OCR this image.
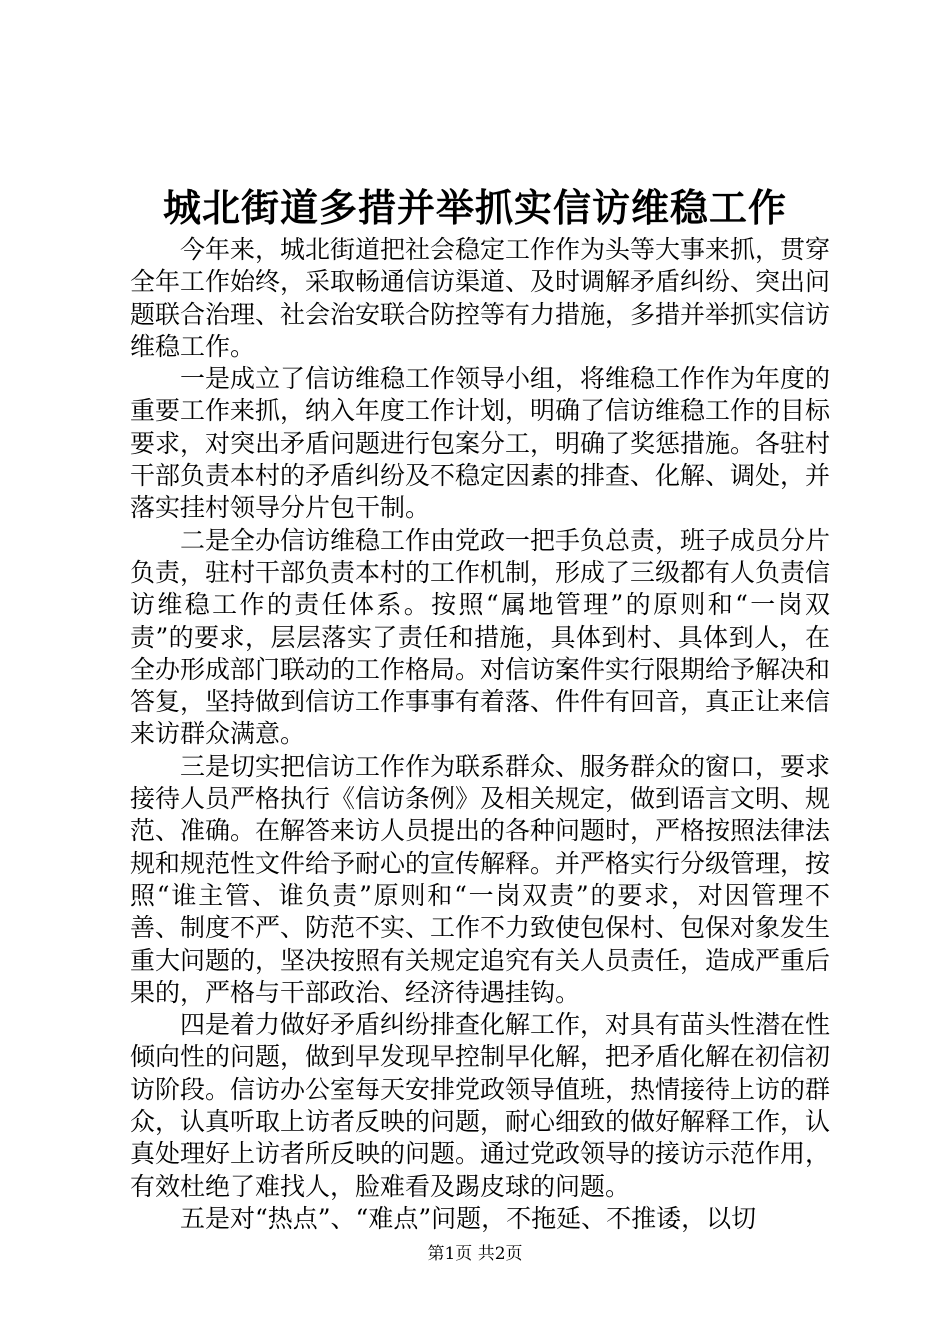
城北街道多措并举抓实信访维稳工作

今年来，城北街道把社会稳定工作作为头等大事来抓，贯穿全年工作始终，采取畅通信访渠道、及时调解矛盾纠纷、突出问题联合治理、社会治安联合防控等有力措施，多措并举抓实信访维稳工作。

一是成立了信访维稳工作领导小组，将维稳工作作为年度的重要工作来抓，纳入年度工作计划，明确了信访维稳工作的目标要求，对突出矛盾问题进行包案分工，明确了奖惩措施。各驻村干部负责本村的矛盾纠纷及不稳定因素的排查、化解、调处，并落实挂村领导分片包干制。

二是全办信访维稳工作由党政一把手负总责，班子成员分片负责，驻村干部负责本村的工作机制，形成了三级都有人负责信访维稳工作的责任体系。按照“属地管理”的原则和“一岗双责”的要求，层层落实了责任和措施，具体到村、具体到人，在全办形成部门联动的工作格局。对信访案件实行限期给予解决和答复，坚持做到信访工作事事有着落、件件有回音，真正让来信来访群众满意。

三是切实把信访工作作为联系群众、服务群众的窗口，要求接待人员严格执行《信访条例》及相关规定，做到语言文明、规范、准确。在解答来访人员提出的各种问题时，严格按照法律法规和规范性文件给予耐心的宣传解释。并严格实行分级管理，按照“谁主管、谁负责”原则和“一岗双责”的要求，对因管理不善、制度不严、防范不实、工作不力致使包保村、包保对象发生重大问题的，坚决按照有关规定追究有关人员责任，造成严重后果的，严格与干部政治、经济待遇挂钩。

四是着力做好矛盾纠纷排查化解工作，对具有苗头性潜在性倾向性的问题，做到早发现早控制早化解，把矛盾化解在初信初访阶段。信访办公室每天安排党政领导值班，热情接待上访的群众，认真听取上访者反映的问题，耐心细致的做好解释工作，认真处理好上访者所反映的问题。通过党政领导的接访示范作用，有效杜绝了难找人，脸难看及踢皮球的问题。

五是对“热点”、“难点”问题，不拖延、不推诿，以切

第1页 共2页
